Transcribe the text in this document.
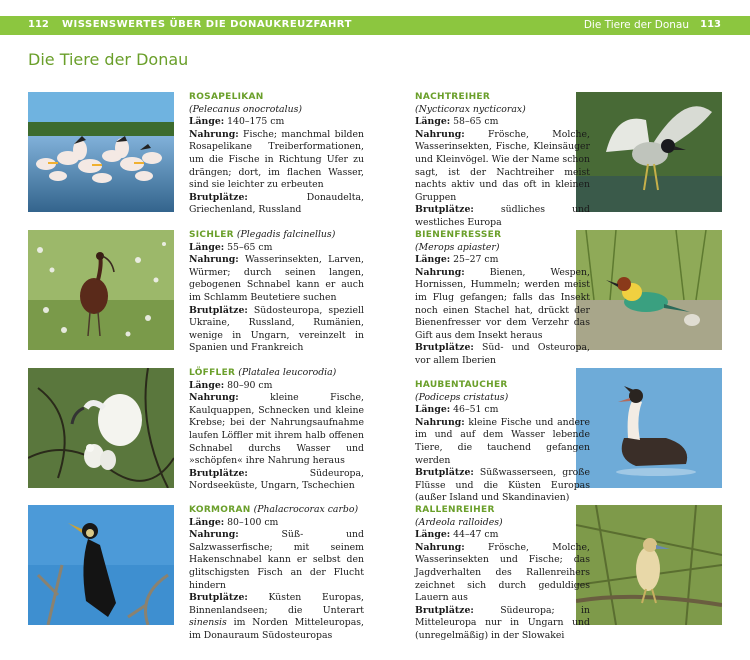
112 WISSENSWERTES ÜBER DIE DONAUKREUZFAHRT	Die Tiere der Donau 113
Die Tiere der Donau
ROSAPELIKAN
(Pelecanus onocrotalus)
Länge: 140–175 cm
Nahrung: Fische; manchmal bilden Rosapelikane Treiberformationen, um die Fische in Richtung Ufer zu drängen; dort, im flachen Wasser, sind sie leichter zu erbeuten
Brutplätze:	Donaudelta, Griechenland, Russland
SICHLER (Plegadis falcinellus)
Länge: 55–65 cm
Nahrung: Wasserinsekten, Larven, Würmer; durch seinen langen, gebogenen Schnabel kann er auch im Schlamm Beutetiere suchen
Brutplätze: Südosteuropa, speziell Ukraine, Russland, Rumänien, wenige in Ungarn, vereinzelt in Spanien und Frankreich
LÖFFLER (Platalea leucorodia)
Länge: 80–90 cm
Nahrung:	kleine Fische, Kaulquappen, Schnecken und kleine Krebse; bei der Nahrungsaufnahme laufen Löffler mit ihrem halb offenen Schnabel durchs Wasser und »schöpfen« ihre Nahrung heraus
Brutplätze:	Südeuropa, Nordseeküste, Ungarn, Tschechien
KORMORAN (Phalacrocorax carbo)
Länge: 80–100 cm
Nahrung:	Süß- und Salzwasserfische; mit seinem Hakenschnabel kann er selbst den glitschigsten Fisch an der Flucht hindern
Brutplätze: Küsten Europas, Binnenlandseen; die Unterart sinensis im Norden Mitteleuropas, im Donauraum Südosteuropas
NACHTREIHER
(Nycticorax nycticorax)
Länge: 58–65 cm
Nahrung:	Frösche, Molche, Wasserinsekten, Fische, Kleinsäuger und Kleinvögel. Wie der Name schon sagt, ist der Nachtreiher meist nachts aktiv und das oft in kleinen Gruppen
Brutplätze:	südliches und westliches Europa
BIENENFRESSER
(Merops apiaster)
Länge: 25–27 cm
Nahrung:	Bienen, Wespen, Hornissen, Hummeln; werden meist im Flug gefangen; falls das Insekt noch einen Stachel hat, drückt der Bienenfresser vor dem Verzehr das Gift aus dem Insekt heraus
Brutplätze: Süd- und Osteuropa, vor allem Iberien
HAUBENTAUCHER
(Podiceps cristatus)
Länge: 46–51 cm
Nahrung: kleine Fische und andere im und auf dem Wasser lebende Tiere, die tauchend gefangen werden
Brutplätze: Süßwasserseen, große Flüsse und die Küsten Europas (außer Island und Skandinavien)
RALLENREIHER
(Ardeola ralloides)
Länge: 44–47 cm
Nahrung:	Frösche, Molche, Wasserinsekten und Fische; das Jagdverhalten des Rallenreihers zeichnet sich durch geduldiges Lauern aus
Brutplätze:	Südeuropa; in Mitteleuropa nur in Ungarn und (unregelmäßig) in der Slowakei
